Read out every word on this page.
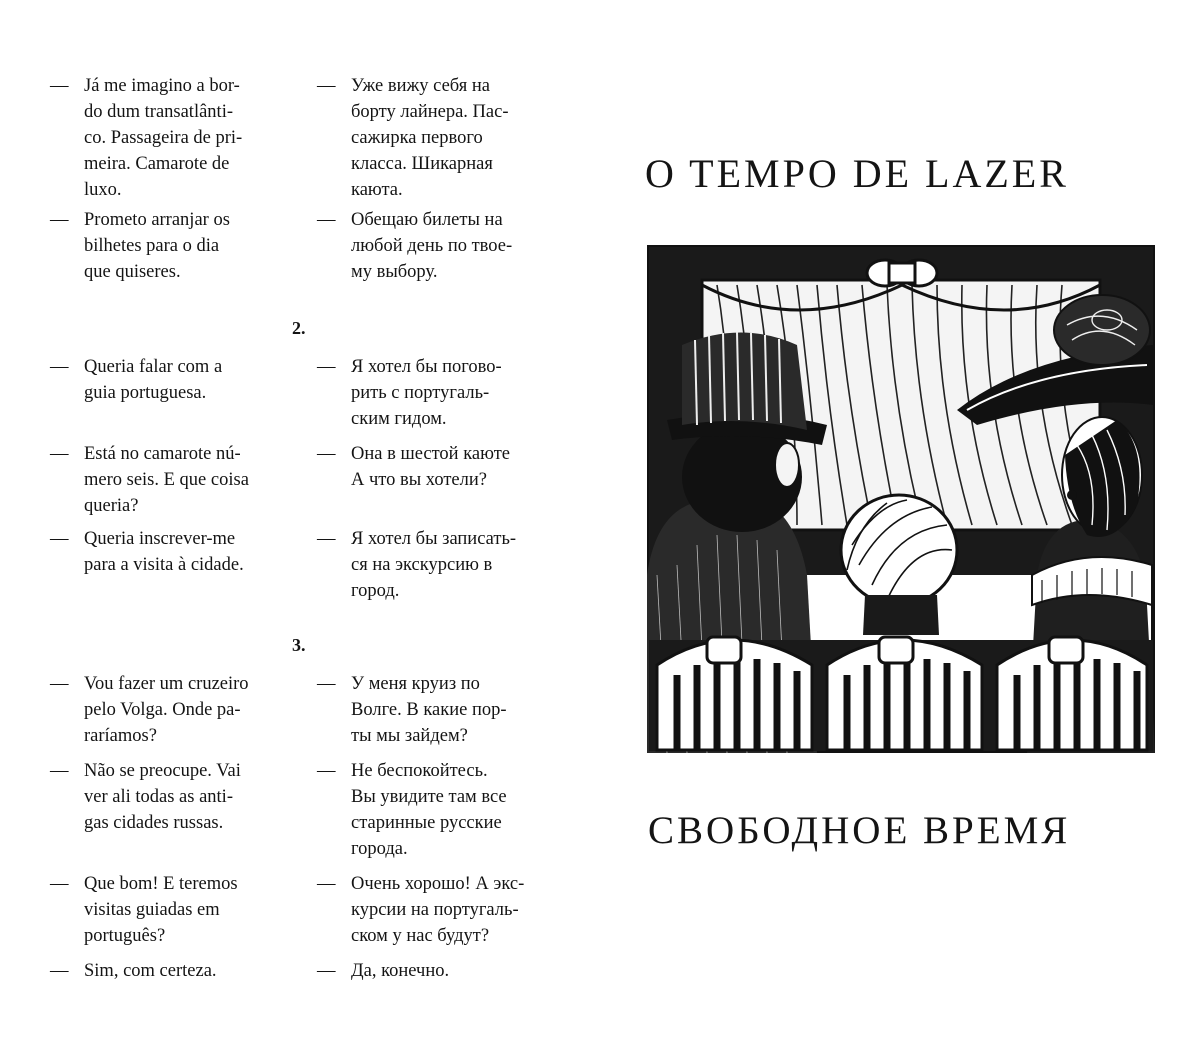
— Já me imagino a bor-
do dum transatlânti-
co. Passageira de pri-
meira. Camarote de
luxo.
— Prometo arranjar os
bilhetes para o dia
que quiseres.
— Queria falar com a
guia portuguesa.
— Está no camarote nú-
mero seis. E que coisa
queria?
— Queria inscrever-me
para a visita à cidade.
— Vou fazer um cruzeiro
pelo Volga. Onde pa-
raríamos?
— Não se preocupe. Vai
ver ali todas as anti-
gas cidades russas.
— Que bom! E teremos
visitas guiadas em
português?
— Sim, com certeza.
2.
3.
— Уже вижу себя на
борту лайнера. Пас-
сажирка первого
класса. Шикарная
каюта.
— Обещаю билеты на
любой день по твое-
му выбору.
— Я хотел бы погово-
рить с португаль-
ским гидом.
— Она в шестой каюте
А что вы хотели?
— Я хотел бы записать-
ся на экскурсию в
город.
— У меня круиз по
Волге. В какие пор-
ты мы зайдем?
— Не беспокойтесь.
Вы увидите там все
старинные русские
города.
— Очень хорошо! А экс-
курсии на португаль-
ском у нас будут?
— Да, конечно.
O TEMPO DE LAZER
СВОБОДНОЕ ВРЕМЯ
